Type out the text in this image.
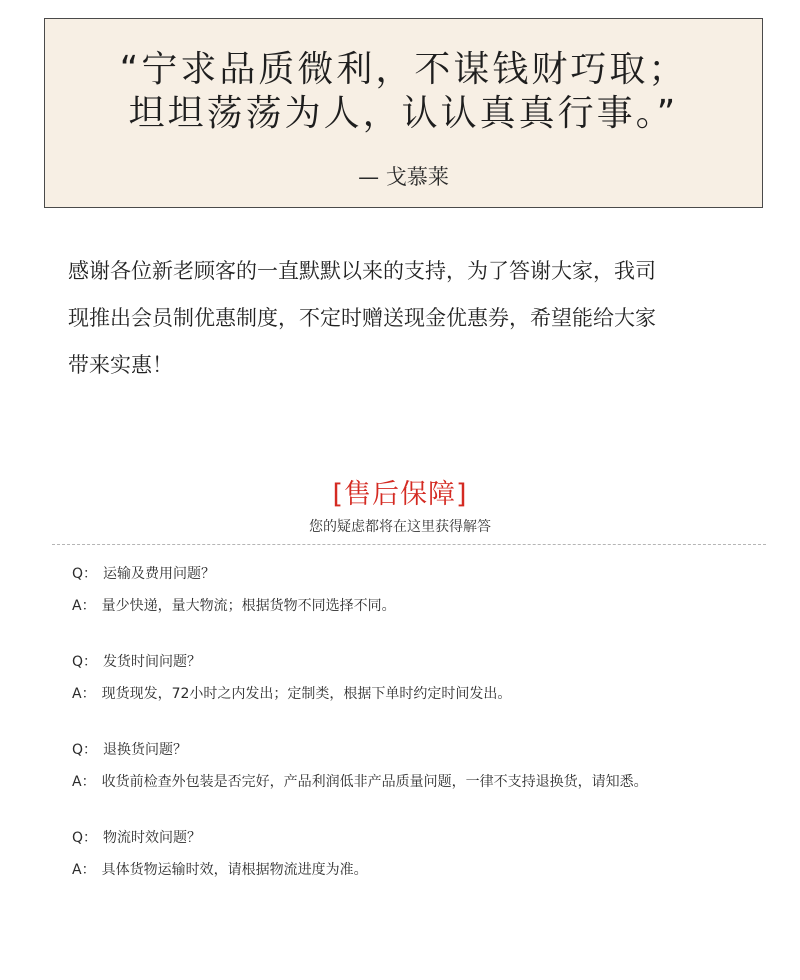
“宁求品质微利，不谋钱财巧取；
坦坦荡荡为人，认认真真行事。”
— 戈慕莱
感谢各位新老顾客的一直默默以来的支持，为了答谢大家，我司
现推出会员制优惠制度，不定时赠送现金优惠券，希望能给大家
带来实惠！
[售后保障]
您的疑虑都将在这里获得解答
Q： 运输及费用问题？
A： 量少快递，量大物流；根据货物不同选择不同。
Q： 发货时间问题？
A： 现货现发，72小时之内发出；定制类，根据下单时约定时间发出。
Q： 退换货问题？
A： 收货前检查外包装是否完好，产品利润低非产品质量问题，一律不支持退换货，请知悉。
Q： 物流时效问题？
A： 具体货物运输时效，请根据物流进度为准。
